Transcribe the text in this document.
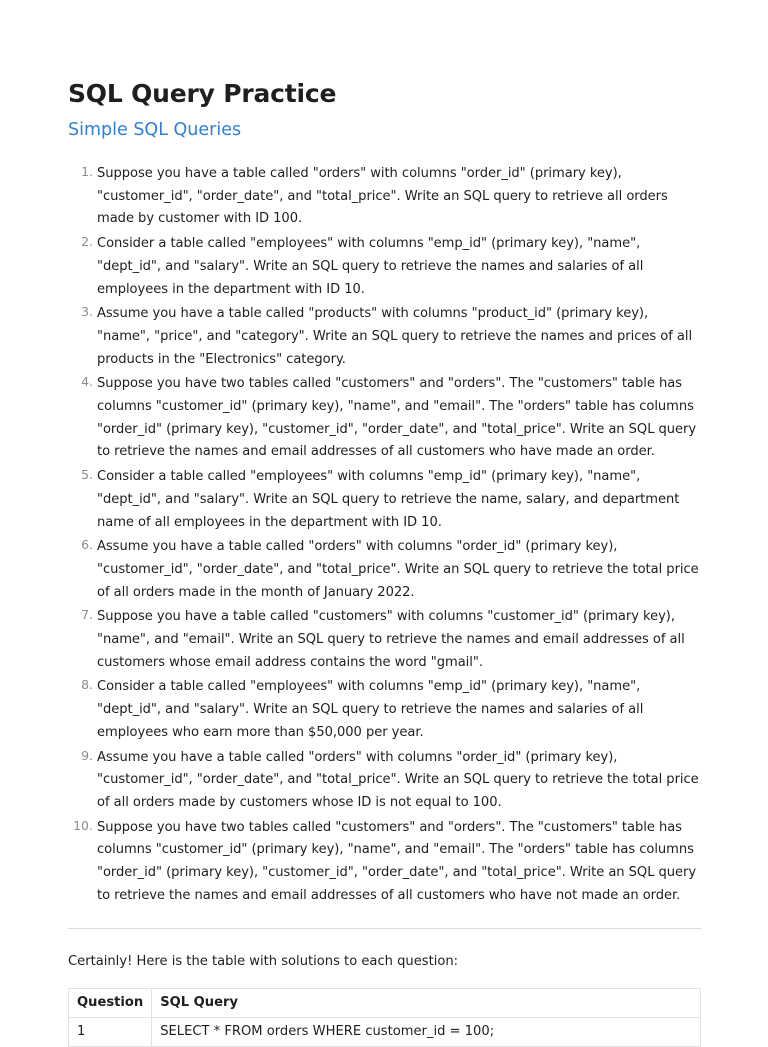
SQL Query Practice
Simple SQL Queries
1. Suppose you have a table called "orders" with columns "order_id" (primary key), "customer_id", "order_date", and "total_price". Write an SQL query to retrieve all orders made by customer with ID 100.
2. Consider a table called "employees" with columns "emp_id" (primary key), "name", "dept_id", and "salary". Write an SQL query to retrieve the names and salaries of all employees in the department with ID 10.
3. Assume you have a table called "products" with columns "product_id" (primary key), "name", "price", and "category". Write an SQL query to retrieve the names and prices of all products in the "Electronics" category.
4. Suppose you have two tables called "customers" and "orders". The "customers" table has columns "customer_id" (primary key), "name", and "email". The "orders" table has columns "order_id" (primary key), "customer_id", "order_date", and "total_price". Write an SQL query to retrieve the names and email addresses of all customers who have made an order.
5. Consider a table called "employees" with columns "emp_id" (primary key), "name", "dept_id", and "salary". Write an SQL query to retrieve the name, salary, and department name of all employees in the department with ID 10.
6. Assume you have a table called "orders" with columns "order_id" (primary key), "customer_id", "order_date", and "total_price". Write an SQL query to retrieve the total price of all orders made in the month of January 2022.
7. Suppose you have a table called "customers" with columns "customer_id" (primary key), "name", and "email". Write an SQL query to retrieve the names and email addresses of all customers whose email address contains the word "gmail".
8. Consider a table called "employees" with columns "emp_id" (primary key), "name", "dept_id", and "salary". Write an SQL query to retrieve the names and salaries of all employees who earn more than $50,000 per year.
9. Assume you have a table called "orders" with columns "order_id" (primary key), "customer_id", "order_date", and "total_price". Write an SQL query to retrieve the total price of all orders made by customers whose ID is not equal to 100.
10. Suppose you have two tables called "customers" and "orders". The "customers" table has columns "customer_id" (primary key), "name", and "email". The "orders" table has columns "order_id" (primary key), "customer_id", "order_date", and "total_price". Write an SQL query to retrieve the names and email addresses of all customers who have not made an order.

Certainly! Here is the table with solutions to each question:

Question	SQL Query
1	SELECT * FROM orders WHERE customer_id = 100;
